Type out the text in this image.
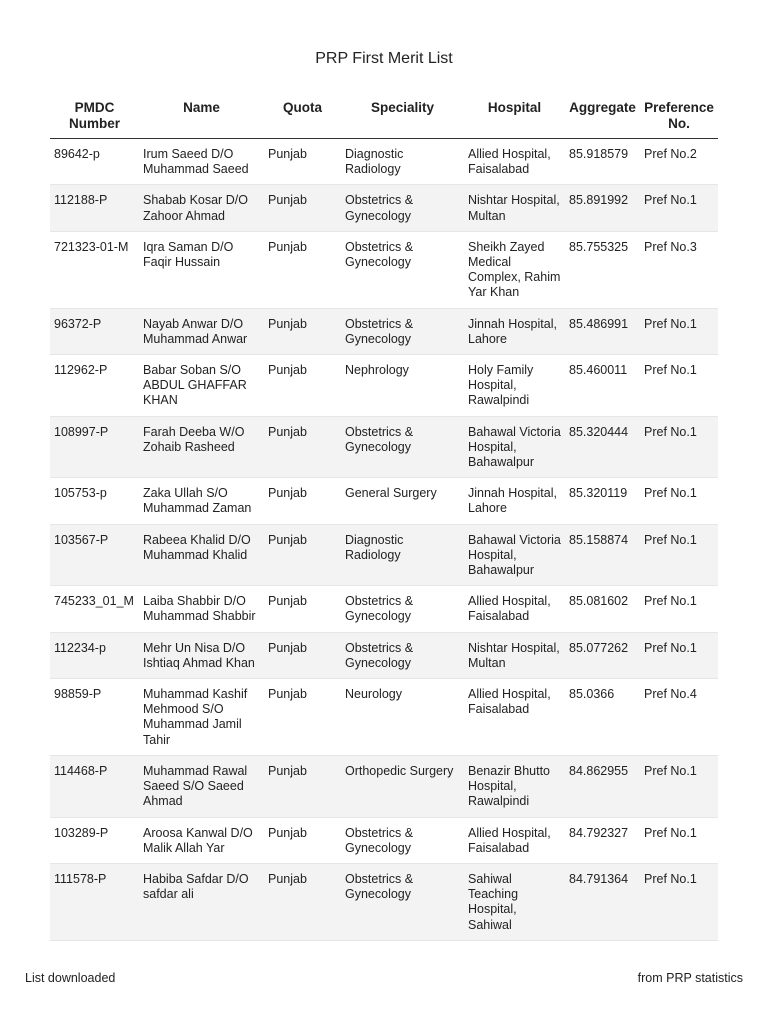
PRP First Merit List
PMDC Number	Name	Quota	Speciality	Hospital	Aggregate	Preference No.
89642-p	Irum Saeed D/O Muhammad Saeed	Punjab	Diagnostic Radiology	Allied Hospital, Faisalabad	85.918579	Pref No.2
112188-P	Shabab Kosar D/O Zahoor Ahmad	Punjab	Obstetrics & Gynecology	Nishtar Hospital, Multan	85.891992	Pref No.1
721323-01-M	Iqra Saman D/O Faqir Hussain	Punjab	Obstetrics & Gynecology	Sheikh Zayed Medical Complex, Rahim Yar Khan	85.755325	Pref No.3
96372-P	Nayab Anwar D/O Muhammad Anwar	Punjab	Obstetrics & Gynecology	Jinnah Hospital, Lahore	85.486991	Pref No.1
112962-P	Babar Soban S/O ABDUL GHAFFAR KHAN	Punjab	Nephrology	Holy Family Hospital, Rawalpindi	85.460011	Pref No.1
108997-P	Farah Deeba W/O Zohaib Rasheed	Punjab	Obstetrics & Gynecology	Bahawal Victoria Hospital, Bahawalpur	85.320444	Pref No.1
105753-p	Zaka Ullah S/O Muhammad Zaman	Punjab	General Surgery	Jinnah Hospital, Lahore	85.320119	Pref No.1
103567-P	Rabeea Khalid D/O Muhammad Khalid	Punjab	Diagnostic Radiology	Bahawal Victoria Hospital, Bahawalpur	85.158874	Pref No.1
745233_01_M	Laiba Shabbir D/O Muhammad Shabbir	Punjab	Obstetrics & Gynecology	Allied Hospital, Faisalabad	85.081602	Pref No.1
112234-p	Mehr Un Nisa D/O Ishtiaq Ahmad Khan	Punjab	Obstetrics & Gynecology	Nishtar Hospital, Multan	85.077262	Pref No.1
98859-P	Muhammad Kashif Mehmood S/O Muhammad Jamil Tahir	Punjab	Neurology	Allied Hospital, Faisalabad	85.0366	Pref No.4
114468-P	Muhammad Rawal Saeed S/O Saeed Ahmad	Punjab	Orthopedic Surgery	Benazir Bhutto Hospital, Rawalpindi	84.862955	Pref No.1
103289-P	Aroosa Kanwal D/O Malik Allah Yar	Punjab	Obstetrics & Gynecology	Allied Hospital, Faisalabad	84.792327	Pref No.1
111578-P	Habiba Safdar D/O safdar ali	Punjab	Obstetrics & Gynecology	Sahiwal Teaching Hospital, Sahiwal	84.791364	Pref No.1
List downloaded	from PRP statistics
